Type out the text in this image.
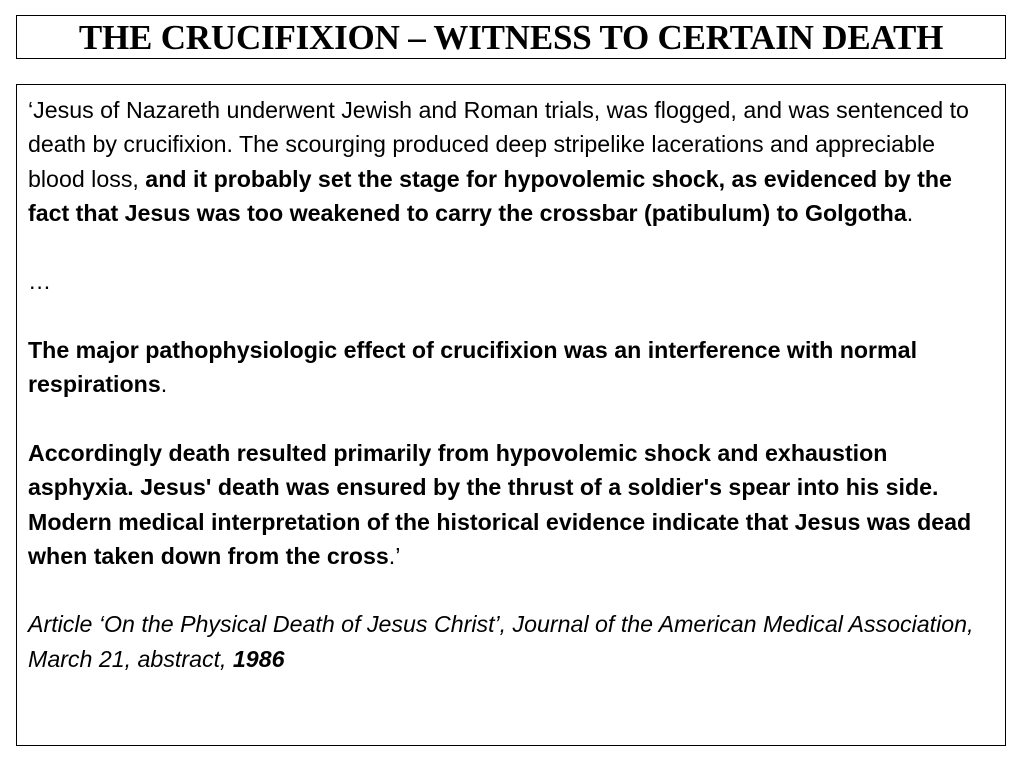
THE CRUCIFIXION – WITNESS TO CERTAIN DEATH

‘Jesus of Nazareth underwent Jewish and Roman trials, was flogged, and was sentenced to death by crucifixion. The scourging produced deep stripelike lacerations and appreciable blood loss, and it probably set the stage for hypovolemic shock, as evidenced by the fact that Jesus was too weakened to carry the crossbar (patibulum) to Golgotha.

…

The major pathophysiologic effect of crucifixion was an interference with normal respirations.

Accordingly death resulted primarily from hypovolemic shock and exhaustion asphyxia. Jesus' death was ensured by the thrust of a soldier's spear into his side. Modern medical interpretation of the historical evidence indicate that Jesus was dead when taken down from the cross.’

Article ‘On the Physical Death of Jesus Christ’, Journal of the American Medical Association, March 21, abstract, 1986
